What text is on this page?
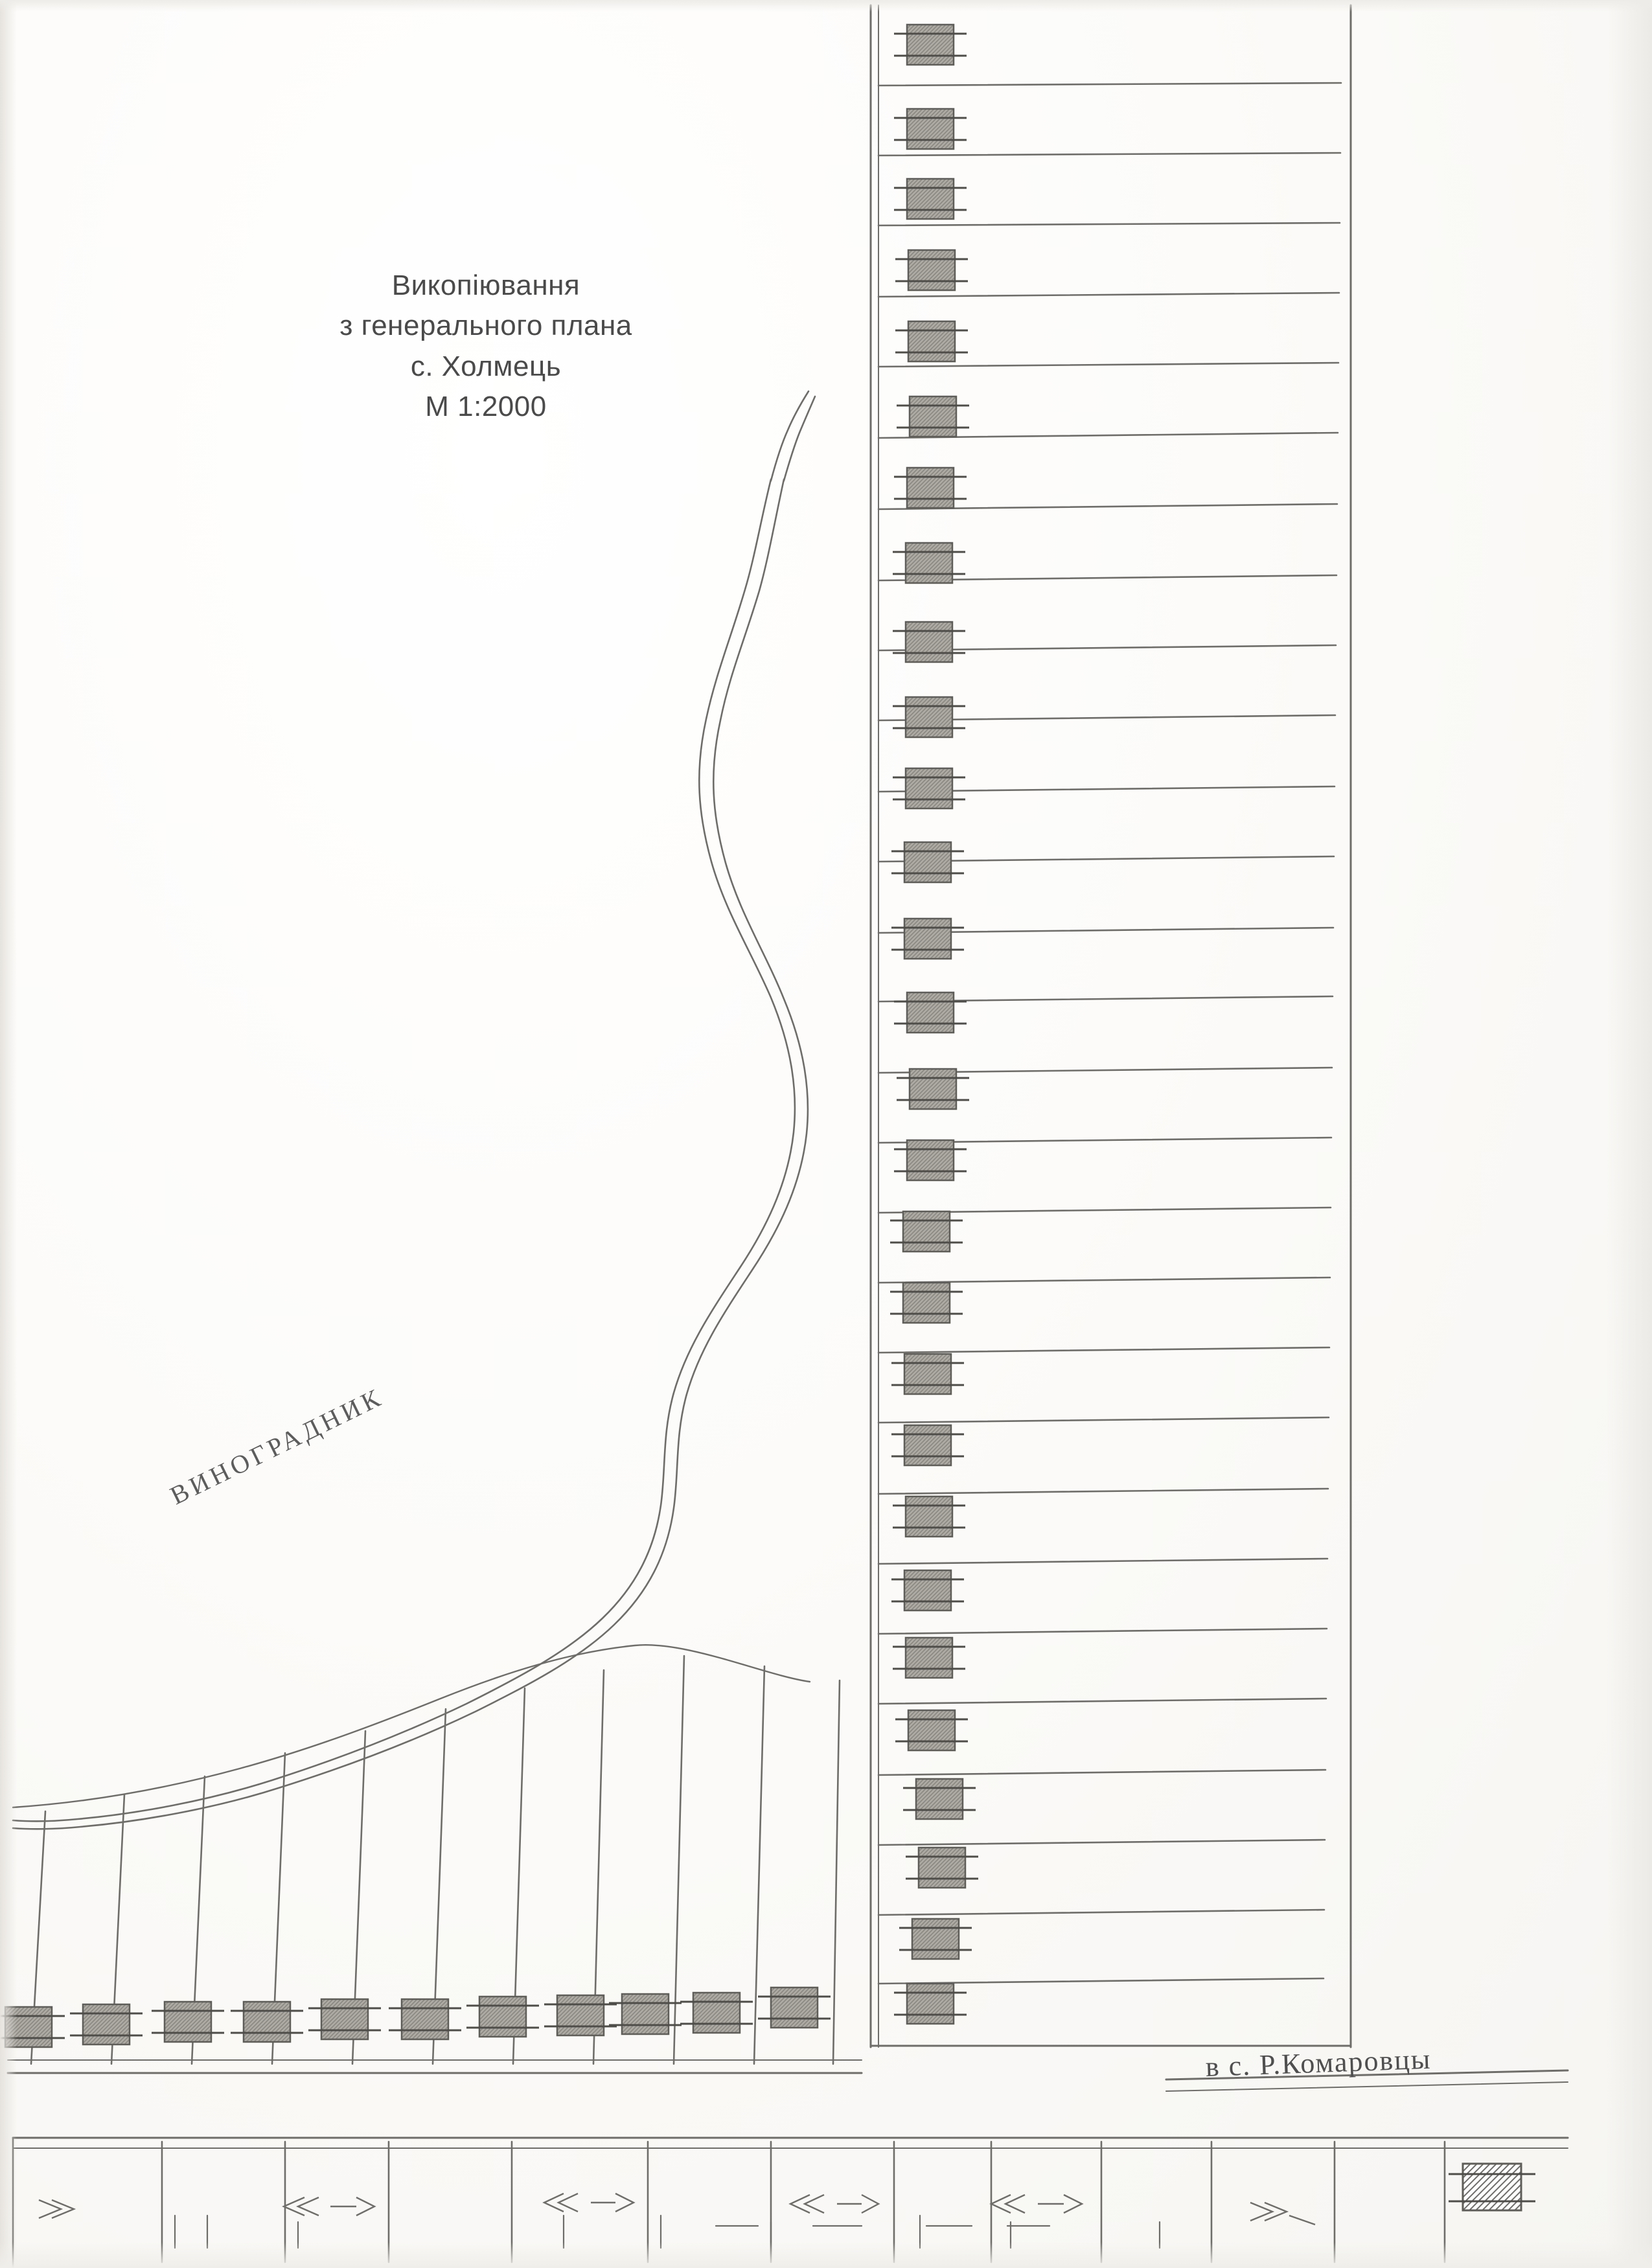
Викопіювання
з генерального плана
с. Холмець
М 1:2000
ВИНОГРАДНИК
в с. Р.Комаровцы
